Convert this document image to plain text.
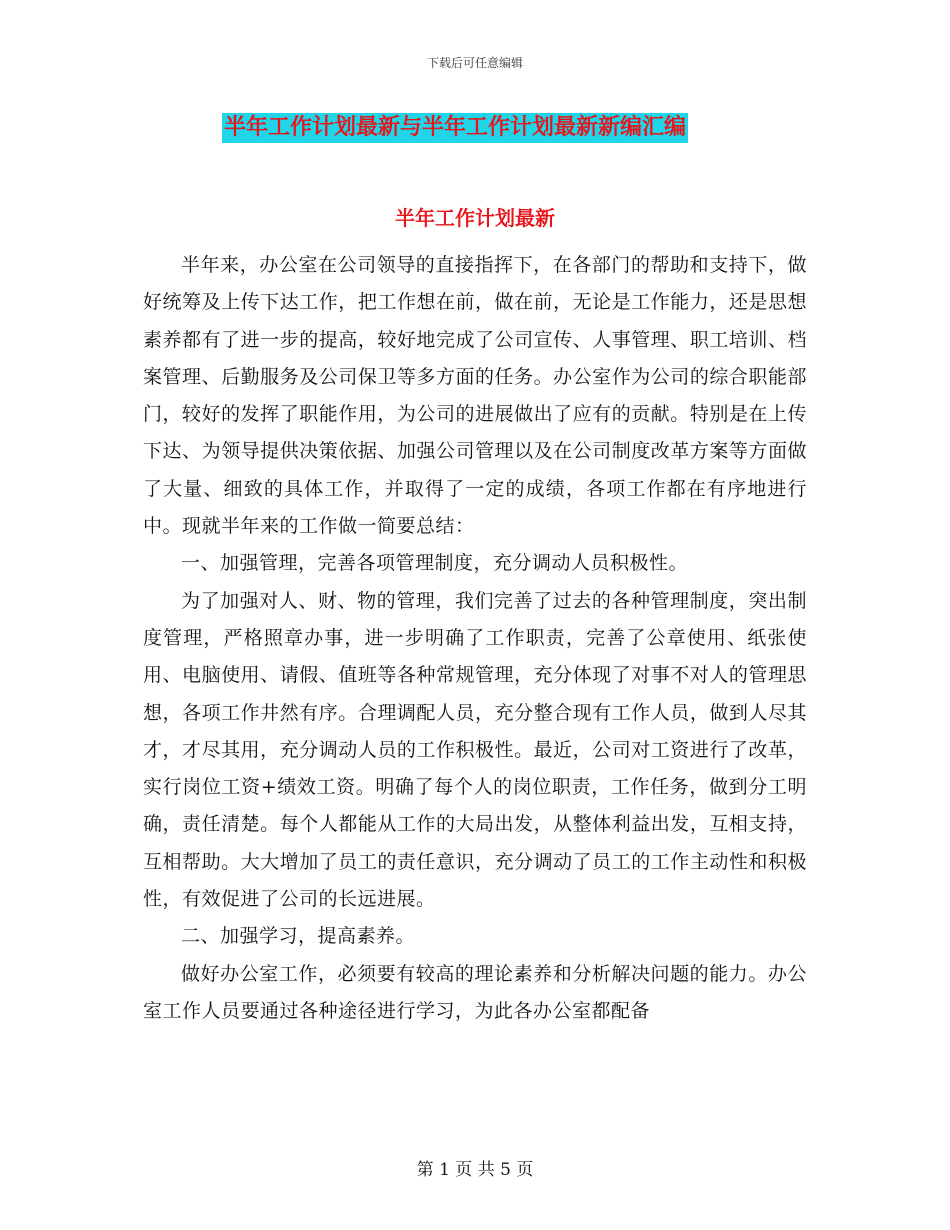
下载后可任意编辑
半年工作计划最新与半年工作计划最新新编汇编
半年工作计划最新

半年来，办公室在公司领导的直接指挥下，在各部门的帮助和支持下，做好统筹及上传下达工作，把工作想在前，做在前，无论是工作能力，还是思想素养都有了进一步的提高，较好地完成了公司宣传、人事管理、职工培训、档案管理、后勤服务及公司保卫等多方面的任务。办公室作为公司的综合职能部门，较好的发挥了职能作用，为公司的进展做出了应有的贡献。特别是在上传下达、为领导提供决策依据、加强公司管理以及在公司制度改革方案等方面做了大量、细致的具体工作，并取得了一定的成绩，各项工作都在有序地进行中。现就半年来的工作做一简要总结：

一、加强管理，完善各项管理制度，充分调动人员积极性。

为了加强对人、财、物的管理，我们完善了过去的各种管理制度，突出制度管理，严格照章办事，进一步明确了工作职责，完善了公章使用、纸张使用、电脑使用、请假、值班等各种常规管理，充分体现了对事不对人的管理思想，各项工作井然有序。合理调配人员，充分整合现有工作人员，做到人尽其才，才尽其用，充分调动人员的工作积极性。最近，公司对工资进行了改革，实行岗位工资+绩效工资。明确了每个人的岗位职责，工作任务，做到分工明确，责任清楚。每个人都能从工作的大局出发，从整体利益出发，互相支持，互相帮助。大大增加了员工的责任意识，充分调动了员工的工作主动性和积极性，有效促进了公司的长远进展。

二、加强学习，提高素养。

做好办公室工作，必须要有较高的理论素养和分析解决问题的能力。办公室工作人员要通过各种途径进行学习，为此各办公室都配备

第 1 页 共 5 页
